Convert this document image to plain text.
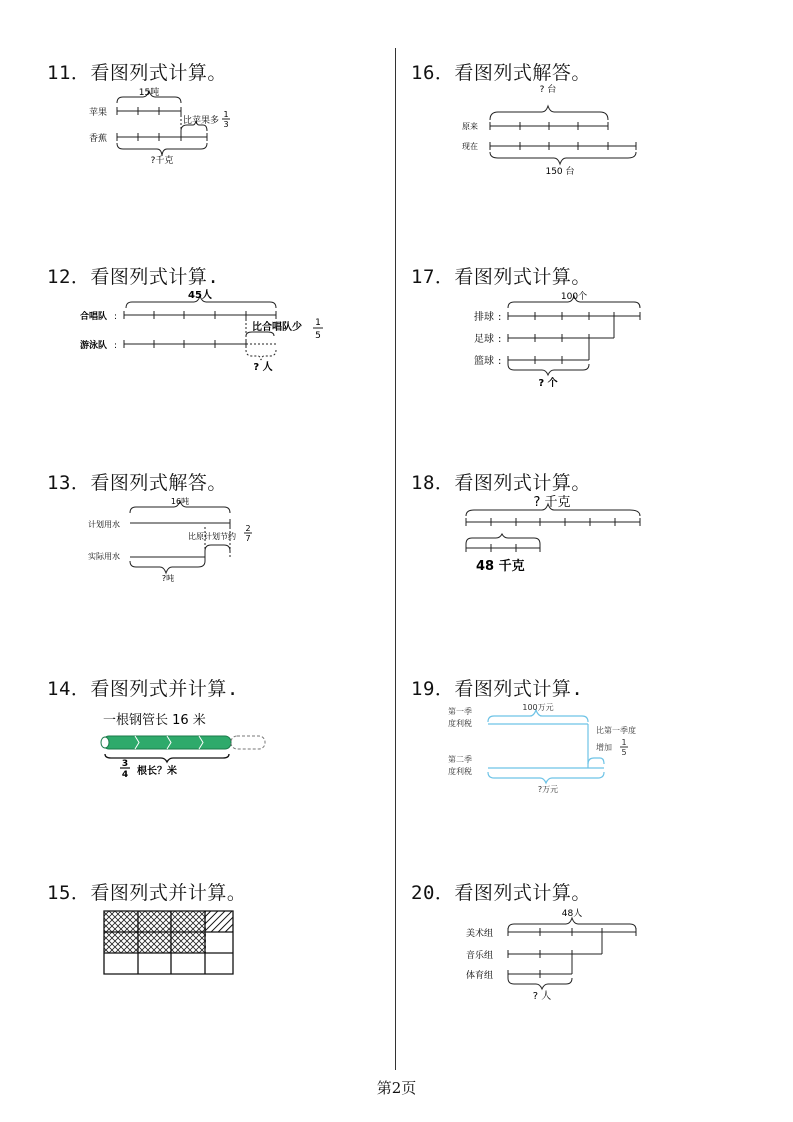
11．看图列式计算。
12．看图列式计算.
13．看图列式解答。
14．看图列式并计算.
15．看图列式并计算。
16．看图列式解答。
17．看图列式计算。
18．看图列式计算。
19．看图列式计算.
20．看图列式计算。
15吨
苹果
香蕉
比苹果多
1
3
?千克
45人
合唱队 :
游泳队 :
比合唱队少 1
5
? 人
16吨
计划用水
实际用水
比原计划节约
2
7
?吨
一根钢管长 16 米
3
4 根长？米
? 台
原来
现在
150 台
100个
排球 :
足球 :
篮球 :
? 个
? 千克
48 千克
100万元
第一季
度利税
第二季
度利税
比第一季度
增加
1
5
?万元
48人
美术组
音乐组
体育组
? 人
第2页
